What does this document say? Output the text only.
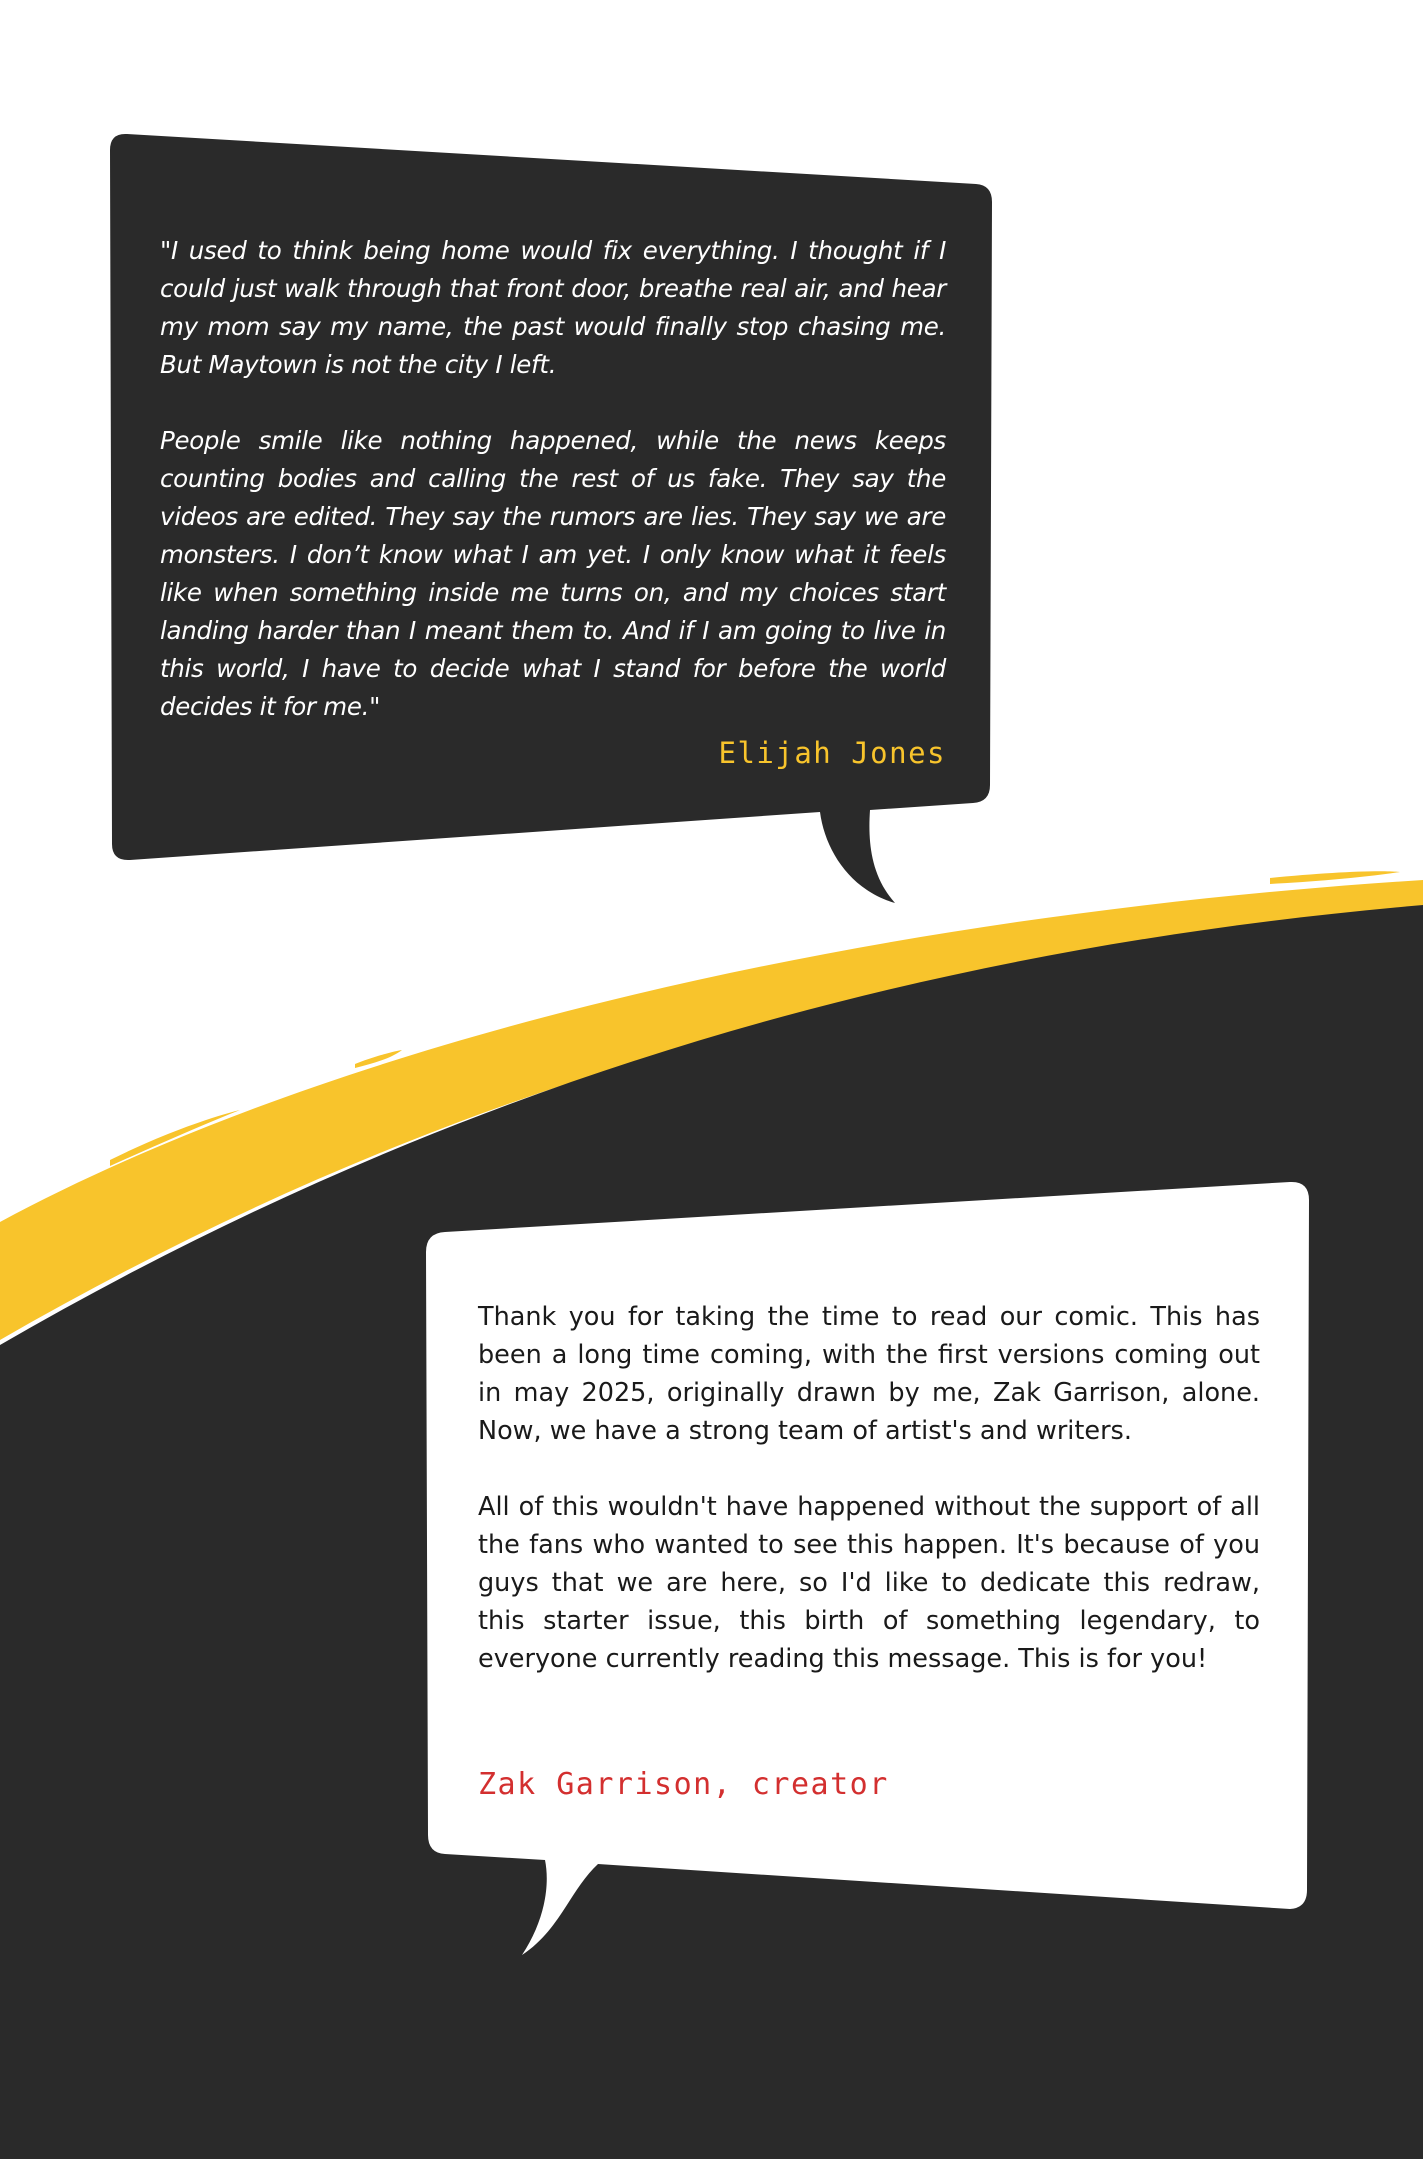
"I used to think being home would fix everything. I thought if I could just walk through that front door, breathe real air, and hear my mom say my name, the past would finally stop chasing me. But Maytown is not the city I left.

People smile like nothing happened, while the news keeps counting bodies and calling the rest of us fake. They say the videos are edited. They say the rumors are lies. They say we are monsters. I don’t know what I am yet. I only know what it feels like when something inside me turns on, and my choices start landing harder than I meant them to. And if I am going to live in this world, I have to decide what I stand for before the world decides it for me."

Elijah Jones

Thank you for taking the time to read our comic. This has been a long time coming, with the first versions coming out in may 2025, originally drawn by me, Zak Garrison, alone. Now, we have a strong team of artist's and writers.

All of this wouldn't have happened without the support of all the fans who wanted to see this happen. It's because of you guys that we are here, so I'd like to dedicate this redraw, this starter issue, this birth of something legendary, to everyone currently reading this message. This is for you!

Zak Garrison, creator
